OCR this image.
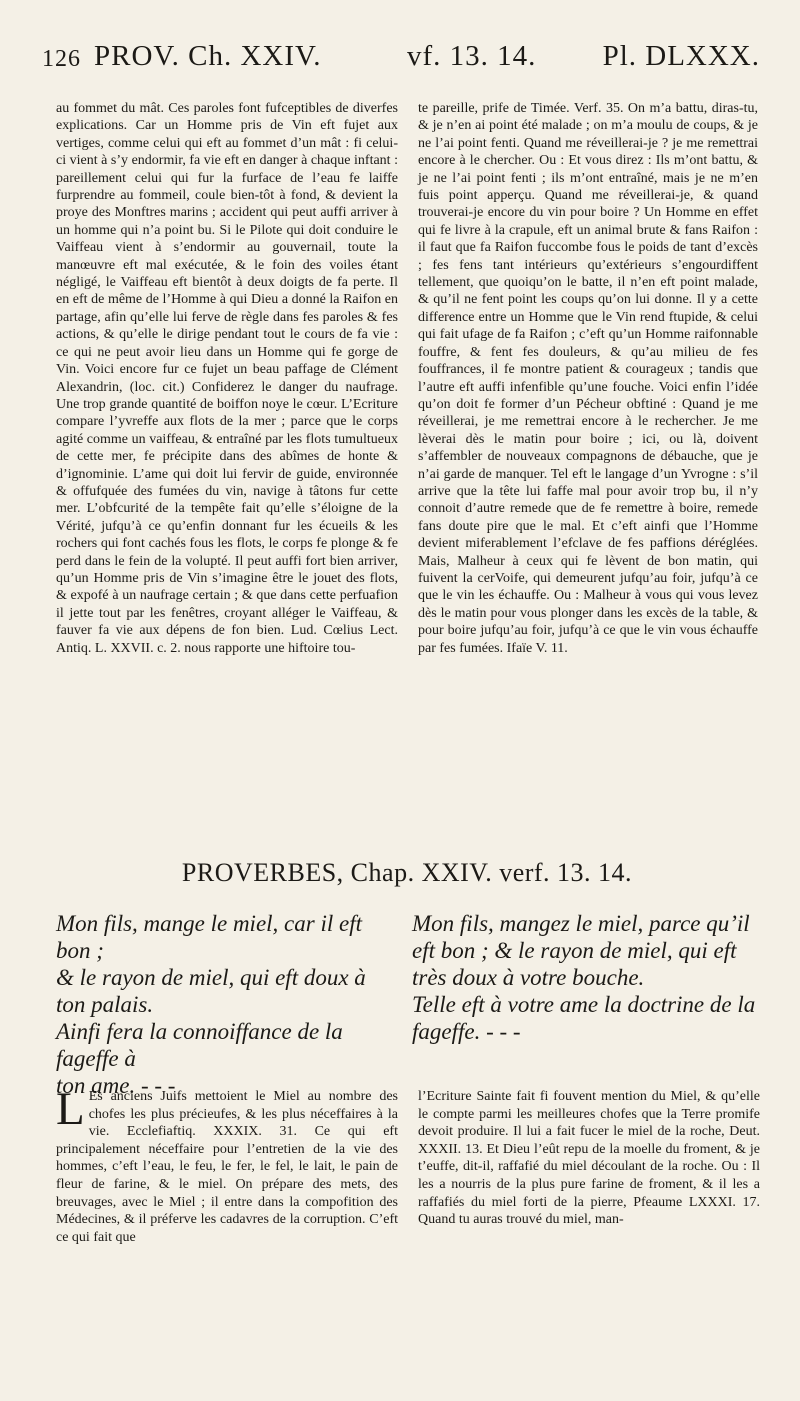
126 PROV. Ch. XXIV.	vf. 13. 14. Pl. DLXXX.

au fommet du mât. Ces paroles font fufceptibles de diverfes explications. Car un Homme pris de Vin eft fujet aux vertiges, comme celui qui eft au fommet d’un mât : fi celui-ci vient à s’y endormir, fa vie eft en danger à chaque inftant : pareillement celui qui fur la furface de l’eau fe laiffe furprendre au fommeil, coule bien-tôt à fond, & devient la proye des Monftres marins ; accident qui peut auffi arriver à un homme qui n’a point bu. Si le Pilote qui doit conduire le Vaiffeau vient à s’endormir au gouvernail, toute la manœuvre eft mal exécutée, & le foin des voiles étant négligé, le Vaiffeau eft bientôt à deux doigts de fa perte. Il en eft de même de l’Homme à qui Dieu a donné la Raifon en partage, afin qu’elle lui ferve de règle dans fes paroles & fes actions, & qu’elle le dirige pendant tout le cours de fa vie : ce qui ne peut avoir lieu dans un Homme qui fe gorge de Vin. Voici encore fur ce fujet un beau paffage de Clément Alexandrin, (loc. cit.) Confiderez le danger du naufrage. Une trop grande quantité de boiffon noye le cœur. L’Ecriture compare l’yvreffe aux flots de la mer ; parce que le corps agité comme un vaiffeau, & entraîné par les flots tumultueux de cette mer, fe précipite dans des abîmes de honte & d’ignominie. L’ame qui doit lui fervir de guide, environnée & offufquée des fumées du vin, navige à tâtons fur cette mer. L’obfcurité de la tempête fait qu’elle s’éloigne de la Vérité, jufqu’à ce qu’enfin donnant fur les écueils & les rochers qui font cachés fous les flots, le corps fe plonge & fe perd dans le fein de la volupté. Il peut auffi fort bien arriver, qu’un Homme pris de Vin s’imagine être le jouet des flots, & expofé à un naufrage certain ; & que dans cette perfuafion il jette tout par les fenêtres, croyant alléger le Vaiffeau, & fauver fa vie aux dépens de fon bien. Lud. Cœlius Lect. Antiq. L. XXVII. c. 2. nous rapporte une hiftoire tou-

te pareille, prife de Timée. Verf. 35. On m’a battu, diras-tu, & je n’en ai point été malade ; on m’a moulu de coups, & je ne l’ai point fenti. Quand me réveillerai-je ? je me remettrai encore à le chercher. Ou : Et vous direz : Ils m’ont battu, & je ne l’ai point fenti ; ils m’ont entraîné, mais je ne m’en fuis point apperçu. Quand me réveillerai-je, & quand trouverai-je encore du vin pour boire ? Un Homme en effet qui fe livre à la crapule, eft un animal brute & fans Raifon : il faut que fa Raifon fuccombe fous le poids de tant d’excès ; fes fens tant intérieurs qu’extérieurs s’engourdiffent tellement, que quoiqu’on le batte, il n’en eft point malade, & qu’il ne fent point les coups qu’on lui donne. Il y a cette difference entre un Homme que le Vin rend ftupide, & celui qui fait ufage de fa Raifon ; c’eft qu’un Homme raifonnable fouffre, & fent fes douleurs, & qu’au milieu de fes fouffrances, il fe montre patient & courageux ; tandis que l’autre eft auffi infenfible qu’une fouche. Voici enfin l’idée qu’on doit fe former d’un Pécheur obftiné : Quand je me réveillerai, je me remettrai encore à le rechercher. Je me lèverai dès le matin pour boire ; ici, ou là, doivent s’affembler de nouveaux compagnons de débauche, que je n’ai garde de manquer. Tel eft le langage d’un Yvrogne : s’il arrive que la tête lui faffe mal pour avoir trop bu, il n’y connoit d’autre remede que de fe remettre à boire, remede fans doute pire que le mal. Et c’eft ainfi que l’Homme devient miferablement l’efclave de fes paffions déréglées. Mais, Malheur à ceux qui fe lèvent de bon matin, qui fuivent la cerVoife, qui demeurent jufqu’au foir, jufqu’à ce que le vin les échauffe. Ou : Malheur à vous qui vous levez dès le matin pour vous plonger dans les excès de la table, & pour boire jufqu’au foir, jufqu’à ce que le vin vous échauffe par fes fumées. Ifaïe V. 11.

PROVERBES, Chap. XXIV. verf. 13. 14.

Mon fils, mange le miel, car il eft bon ;

& le rayon de miel, qui eft doux à

ton palais.

Ainfi fera la connoiffance de la fageffe à

ton ame. - - -

Mon fils, mangez le miel, parce qu’il

eft bon ; & le rayon de miel, qui eft

très doux à votre bouche.

Telle eft à votre ame la doctrine de la

fageffe. - - -

L Es anciens Juifs mettoient le Miel au nombre des chofes les plus précieufes, & les plus néceffaires à la vie. Ecclefiaftiq. XXXIX. 31. Ce qui eft principalement néceffaire pour l’entretien de la vie des hommes, c’eft l’eau, le feu, le fer, le fel, le lait, le pain de fleur de farine, & le miel. On prépare des mets, des breuvages, avec le Miel ; il entre dans la compofition des Médecines, & il préferve les cadavres de la corruption. C’eft ce qui fait que

l’Ecriture Sainte fait fi fouvent mention du Miel, & qu’elle le compte parmi les meilleures chofes que la Terre promife devoit produire. Il lui a fait fucer le miel de la roche, Deut. XXXII. 13. Et Dieu l’eût repu de la moelle du froment, & je t’euffe, dit-il, raffafié du miel découlant de la roche. Ou : Il les a nourris de la plus pure farine de froment, & il les a raffafiés du miel forti de la pierre, Pfeaume LXXXI. 17. Quand tu auras trouvé du miel, man-
